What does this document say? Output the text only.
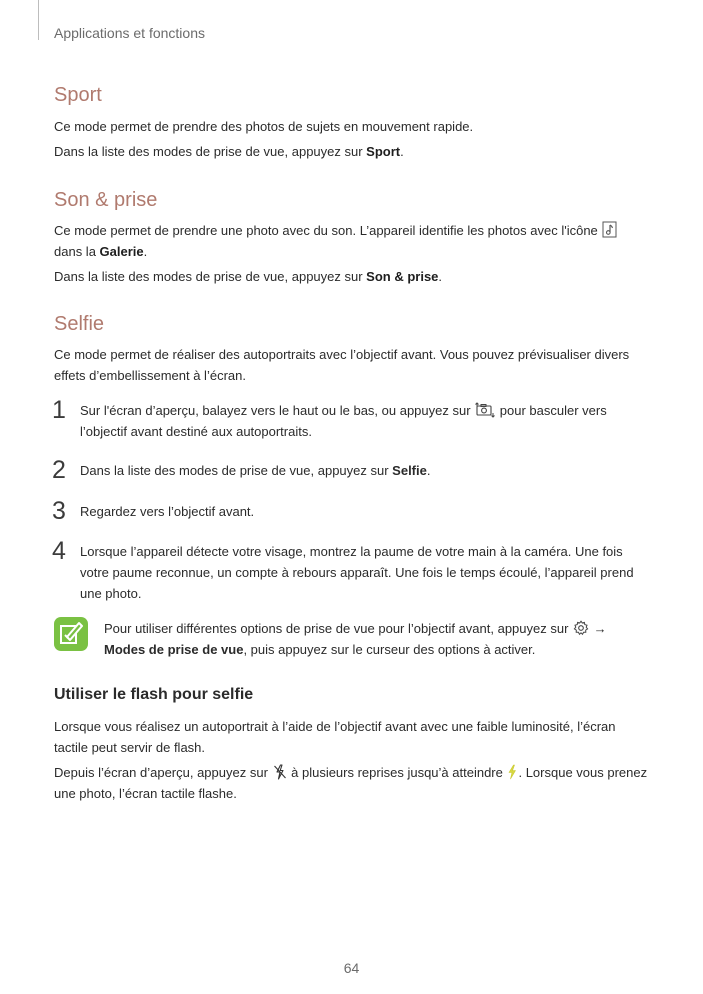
Applications et fonctions
Sport
Ce mode permet de prendre des photos de sujets en mouvement rapide.
Dans la liste des modes de prise de vue, appuyez sur Sport.
Son & prise
Ce mode permet de prendre une photo avec du son. L’appareil identifie les photos avec l'icône
dans la Galerie.
Dans la liste des modes de prise de vue, appuyez sur Son & prise.
Selfie
Ce mode permet de réaliser des autoportraits avec l’objectif avant. Vous pouvez prévisualiser divers
effets d’embellissement à l’écran.
1 Sur l'écran d’aperçu, balayez vers le haut ou le bas, ou appuyez sur  pour basculer vers
l’objectif avant destiné aux autoportraits.
2 Dans la liste des modes de prise de vue, appuyez sur Selfie.
3 Regardez vers l’objectif avant.
4 Lorsque l’appareil détecte votre visage, montrez la paume de votre main à la caméra. Une fois
votre paume reconnue, un compte à rebours apparaît. Une fois le temps écoulé, l’appareil prend
une photo.
Pour utiliser différentes options de prise de vue pour l’objectif avant, appuyez sur  →
Modes de prise de vue, puis appuyez sur le curseur des options à activer.
Utiliser le flash pour selfie
Lorsque vous réalisez un autoportrait à l’aide de l’objectif avant avec une faible luminosité, l’écran
tactile peut servir de flash.
Depuis l’écran d’aperçu, appuyez sur  à plusieurs reprises jusqu’à atteindre . Lorsque vous prenez
une photo, l’écran tactile flashe.
64
